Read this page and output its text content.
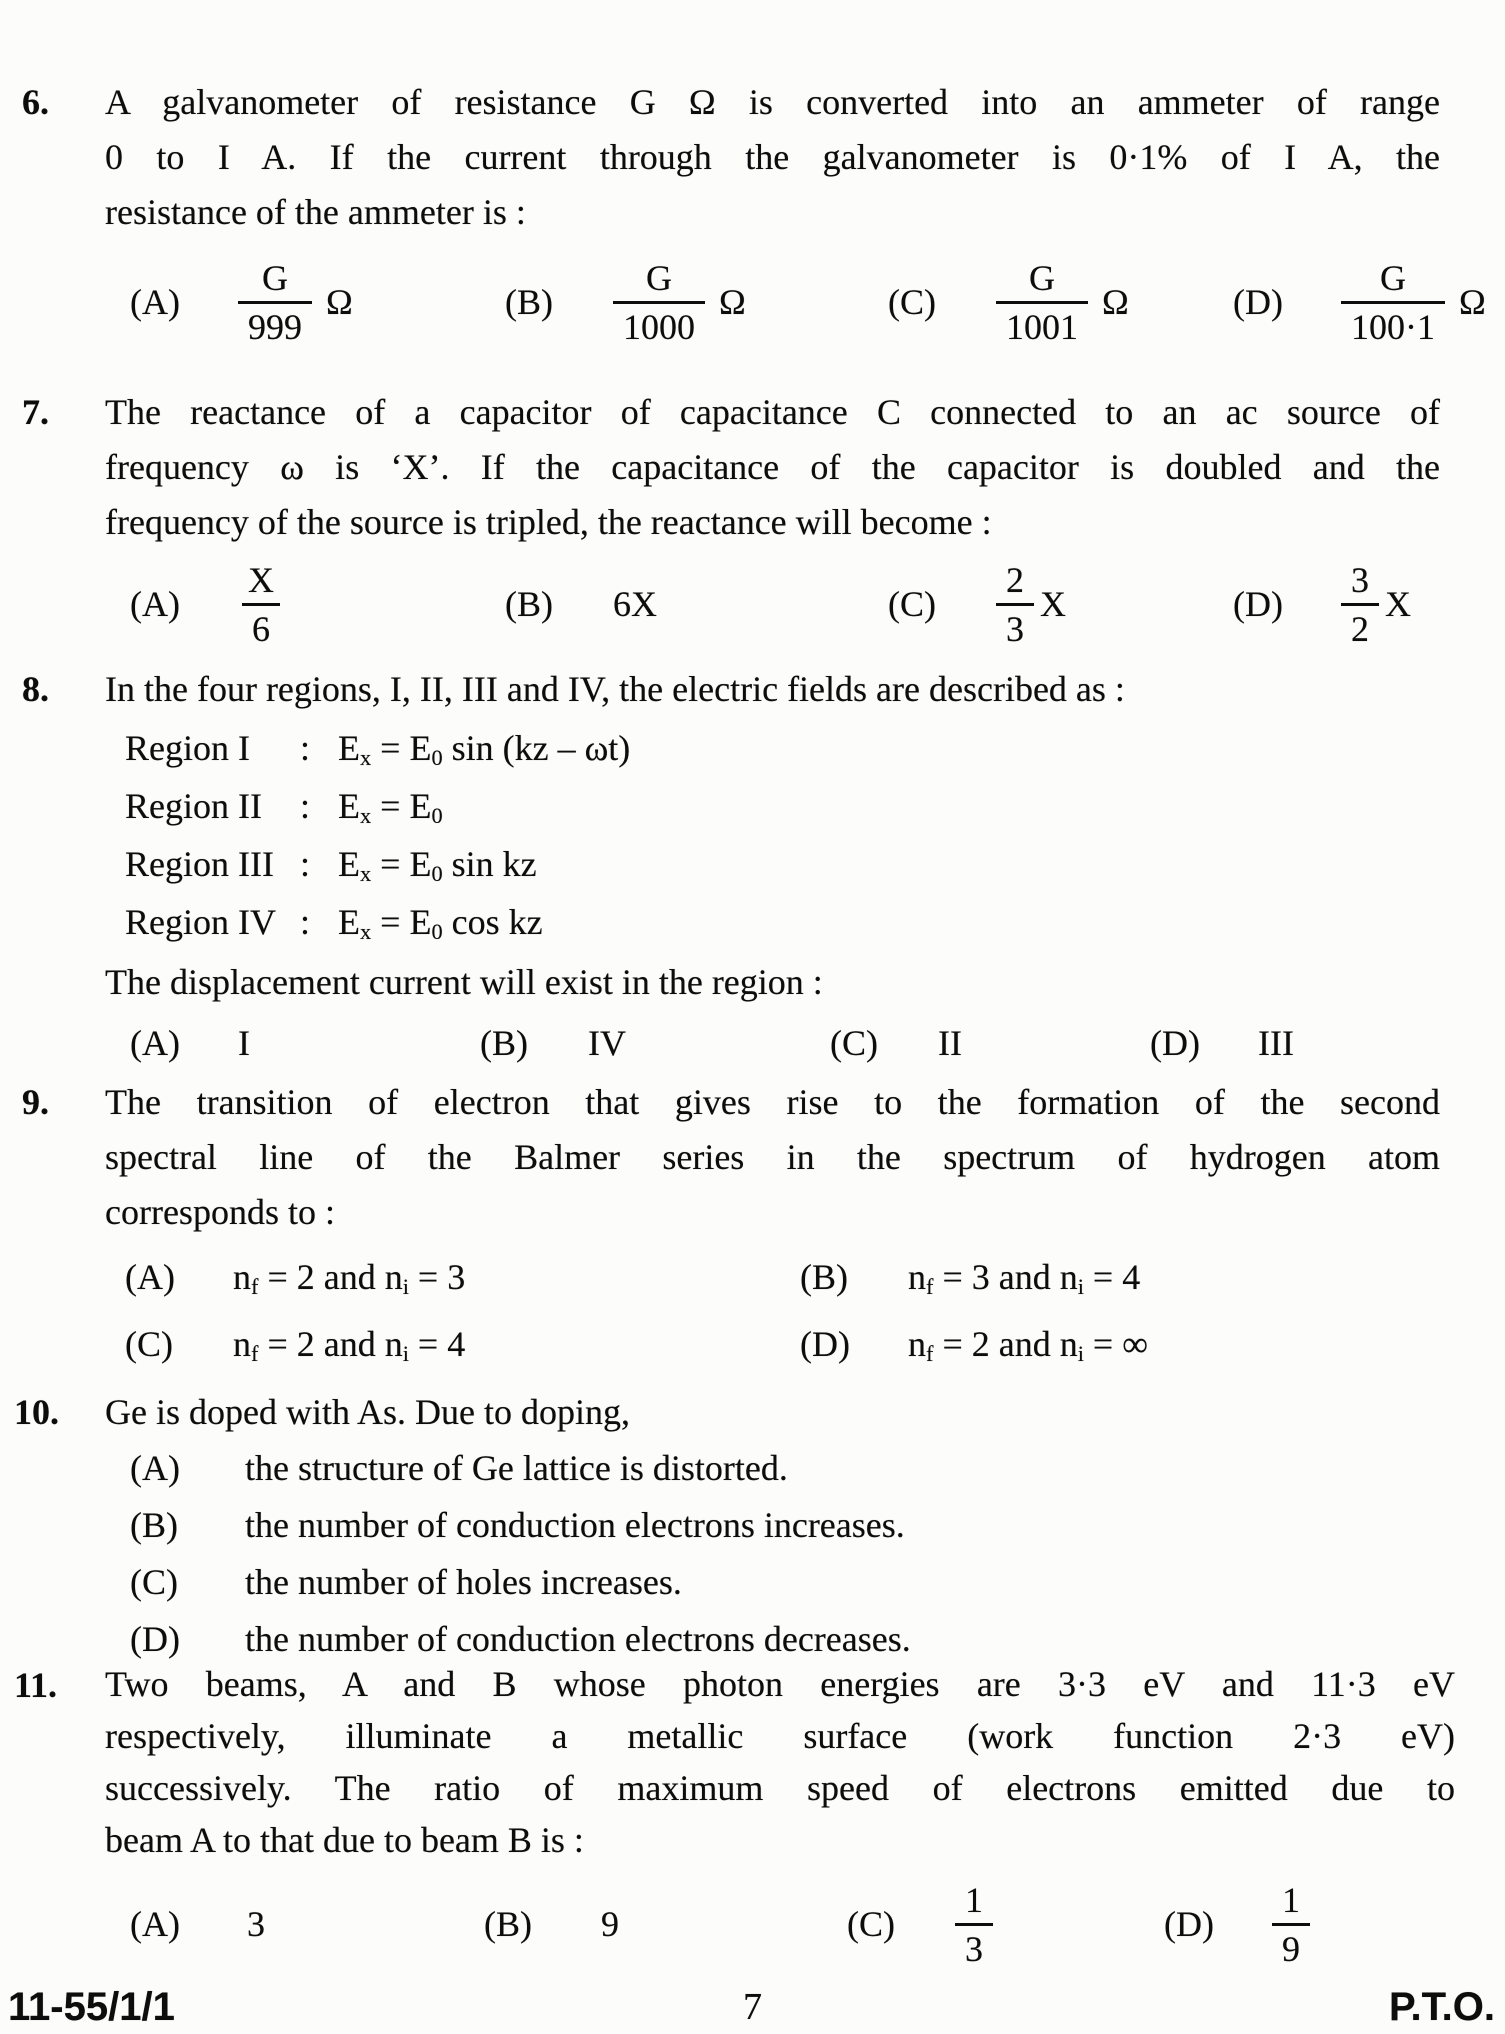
6. A galvanometer of resistance G Ω is converted into an ammeter of range
0 to I A. If the current through the galvanometer is 0·1% of I A, the
resistance of the ammeter is :
(A)	$\frac{G}{999}$ Ω	(B)	$\frac{G}{1000}$ Ω	(C)	$\frac{G}{1001}$ Ω	(D)	$\frac{G}{100\cdot 1}$ Ω
7. The reactance of a capacitor of capacitance C connected to an ac source of
frequency ω is ‘X’. If the capacitance of the capacitor is doubled and the
frequency of the source is tripled, the reactance will become :
(A)	$\frac{X}{6}$	(B)	6X	(C)	$\frac{2}{3}$ X	(D)	$\frac{3}{2}$ X
8. In the four regions, I, II, III and IV, the electric fields are described as :
Region I	: $E_x = E_0$ sin (kz – ωt)
Region II	: $E_x = E_0$
Region III : $E_x = E_0$ sin kz
Region IV : $E_x = E_0$ cos kz
The displacement current will exist in the region :
(A)	I	(B)	IV	(C)	II	(D)	III
9. The transition of electron that gives rise to the formation of the second
spectral line of the Balmer series in the spectrum of hydrogen atom
corresponds to :
(A)	$n_f = 2$ and $n_i = 3$	(B)	$n_f = 3$ and $n_i = 4$
(C)	$n_f = 2$ and $n_i = 4$	(D)	$n_f = 2$ and $n_i$ = ∞
10. Ge is doped with As. Due to doping,
(A)	the structure of Ge lattice is distorted.
(B)	the number of conduction electrons increases.
(C)	the number of holes increases.
(D)	the number of conduction electrons decreases.
11. Two beams, A and B whose photon energies are 3·3 eV and 11·3 eV
respectively, illuminate a metallic surface (work function 2·3 eV)
successively. The ratio of maximum speed of electrons emitted due to
beam A to that due to beam B is :
(A)	3	(B)	9	(C)	$\frac{1}{3}$	(D)	$\frac{1}{9}$
11-55/1/1	7	P.T.O.
